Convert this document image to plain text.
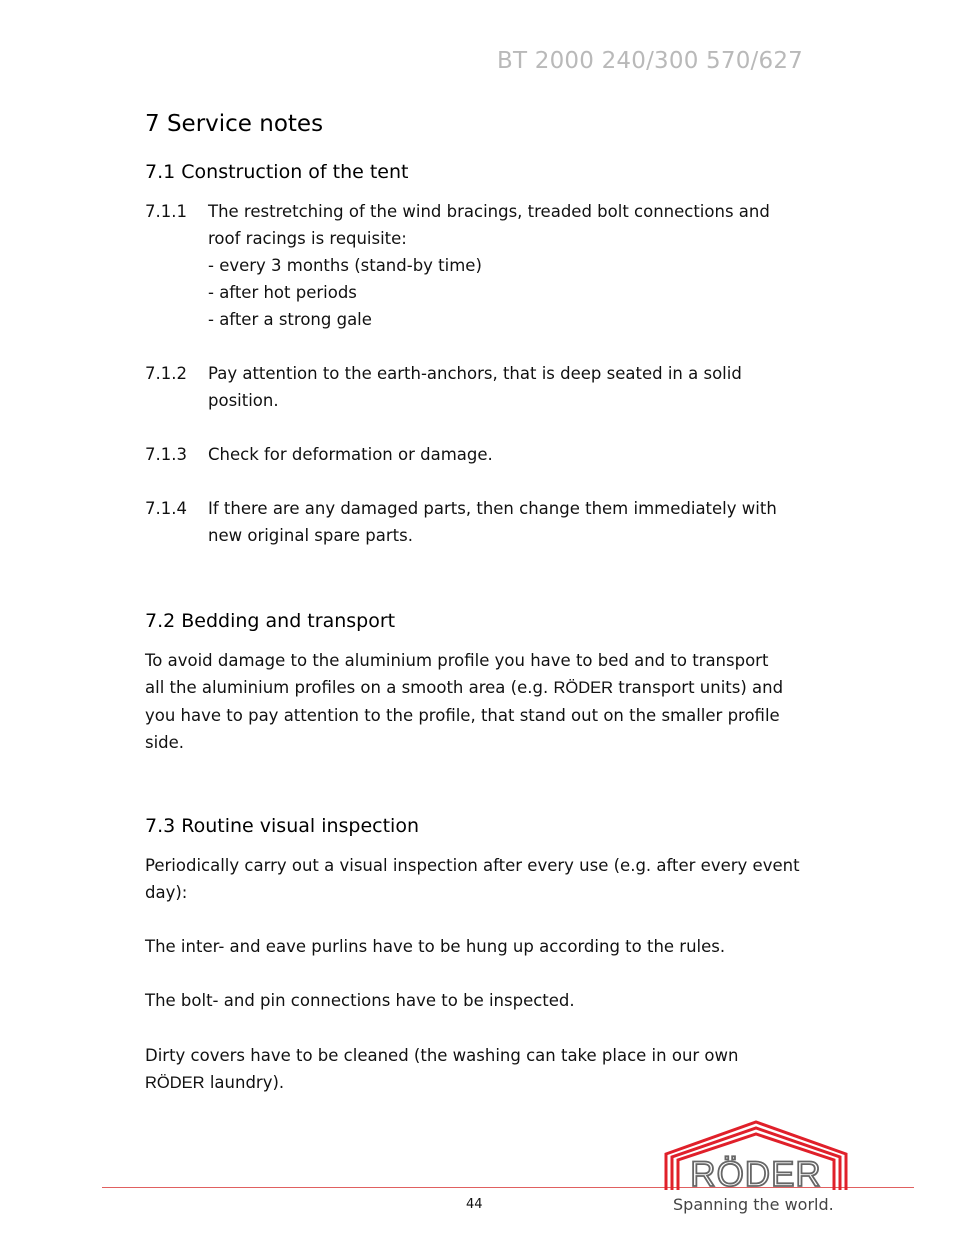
BT 2000 240/300 570/627
7 Service notes
7.1 Construction of the tent
7.1.1 The restretching of the wind bracings, treaded bolt connections and
roof racings is requisite:
- every 3 months (stand-by time)
- after hot periods
- after a strong gale
7.1.2 Pay attention to the earth-anchors, that is deep seated in a solid
position.
7.1.3 Check for deformation or damage.
7.1.4 If there are any damaged parts, then change them immediately with
new original spare parts.
7.2 Bedding and transport
To avoid damage to the aluminium profile you have to bed and to transport
all the aluminium profiles on a smooth area (e.g. RÖDER transport units) and
you have to pay attention to the profile, that stand out on the smaller profile
side.
7.3 Routine visual inspection
Periodically carry out a visual inspection after every use (e.g. after every event
day):
The inter- and eave purlins have to be hung up according to the rules.
The bolt- and pin connections have to be inspected.
Dirty covers have to be cleaned (the washing can take place in our own
RÖDER laundry).
44
RÖDER
Spanning the world.
